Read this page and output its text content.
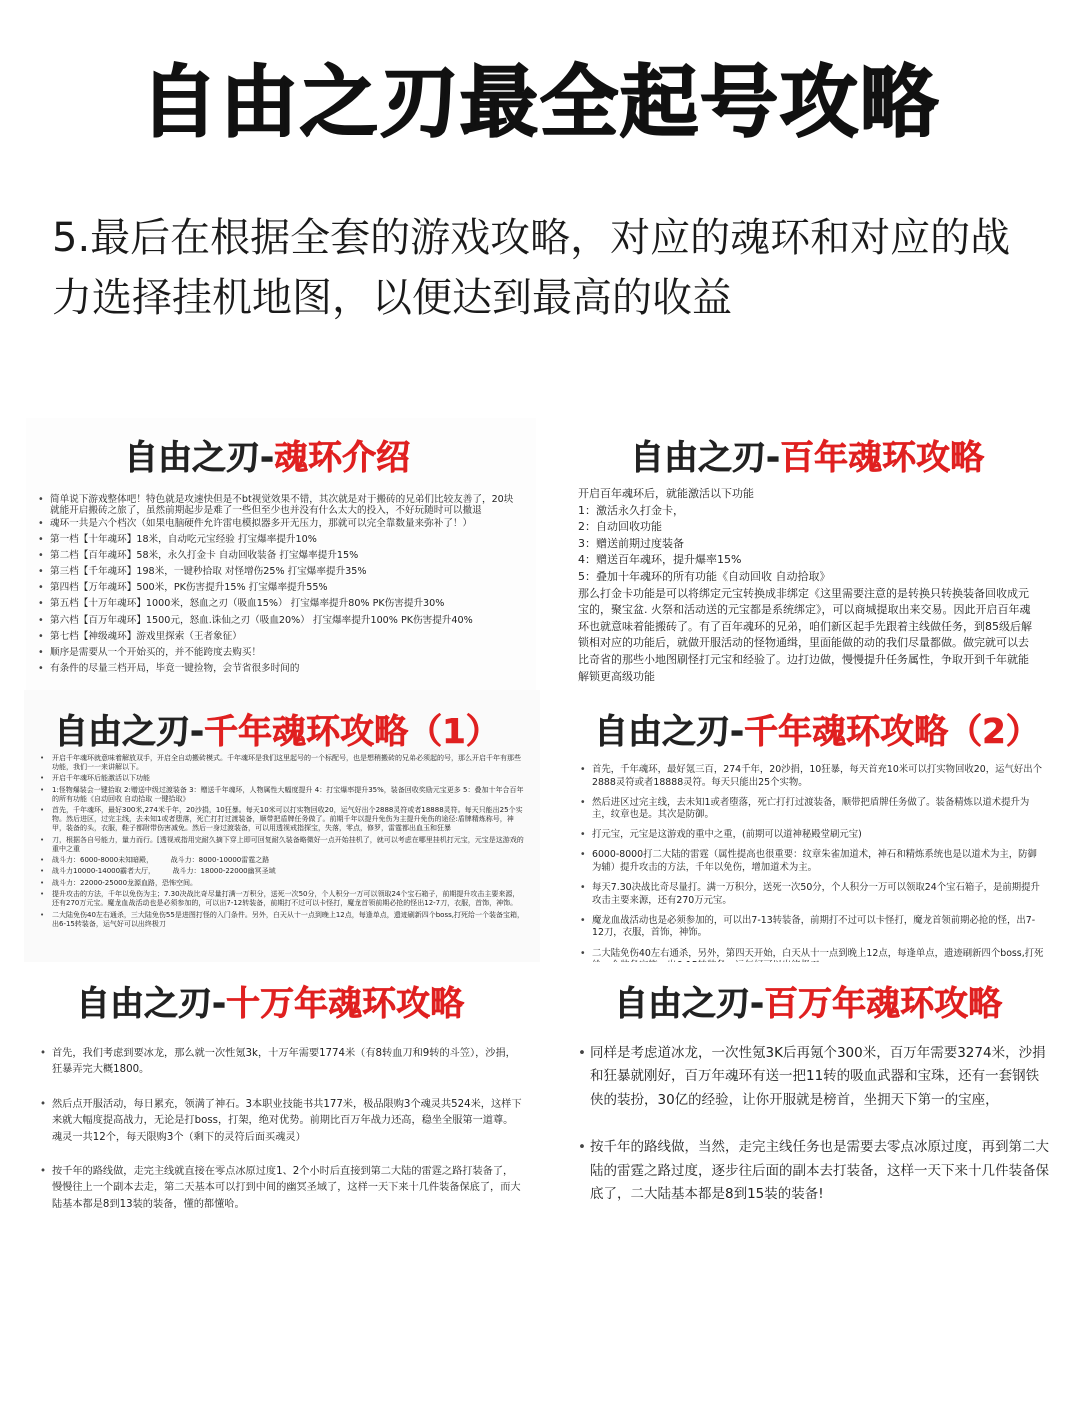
自由之刃最全起号攻略
5.最后在根据全套的游戏攻略，对应的魂环和对应的战力选择挂机地图，以便达到最高的收益
自由之刃-魂环介绍
• 简单说下游戏整体吧！特色就是攻速快但是不bt视觉效果不错，其次就是对于搬砖的兄弟们比较友善了，20块就能开启搬砖之旅了，虽然前期起步是难了一些但至少也并没有什么太大的投入，不好玩随时可以撤退
• 魂环一共是六个档次（如果电脑硬件允许雷电模拟器多开无压力，那就可以完全靠数量来弥补了！）
• 第一档【十年魂环】18米，自动吃元宝经验 打宝爆率提升10%
• 第二档【百年魂环】58米，永久打金卡 自动回收装备 打宝爆率提升15%
• 第三档【千年魂环】198米，一键秒拾取 对怪增伤25% 打宝爆率提升35%
• 第四档【万年魂环】500米，PK伤害提升15% 打宝爆率提升55%
• 第五档【十万年魂环】1000米，怒血之刃（吸血15%） 打宝爆率提升80% PK伤害提升30%
• 第六档【百万年魂环】1500元，怒血.诛仙之刃（吸血20%） 打宝爆率提升100% PK伤害提升40%
• 第七档【神级魂环】游戏里探索（王者象征）
• 顺序是需要从一个开始买的，并不能跨度去购买！
• 有条件的尽量三档开局，毕竟一键捡物，会节省很多时间的
自由之刃-百年魂环攻略
开启百年魂环后，就能激活以下功能
1：激活永久打金卡，
2：自动回收功能
3：赠送前期过度装备
4：赠送百年魂环，提升爆率15%
5：叠加十年魂环的所有功能《自动回收 自动拾取》
那么打金卡功能是可以将绑定元宝转换成非绑定《这里需要注意的是转换只转换装备回收成元宝的，聚宝盆. 火祭和活动送的元宝都是系统绑定》，可以商城提取出来交易。因此开启百年魂环也就意味着能搬砖了。有了百年魂环的兄弟，咱们新区起手先跟着主线做任务，到85级后解锁相对应的功能后，就做开服活动的怪物通缉，里面能做的动的我们尽量都做。做完就可以去比奇省的那些小地图刷怪打元宝和经验了。边打边做，慢慢提升任务属性，争取开到千年就能解锁更高级功能
自由之刃-千年魂环攻略（1）
• 开启千年魂环就意味着解放双手，开启全自动搬砖模式。千年魂环是我们这里起号的一个标配号，也是想稍搬砖的兄弟必须起的号，那么开启千年有那些功能，我们一一来讲解以下。
• 开启千年魂环后能激活以下功能
• 1:怪物爆装会一键拾取 2:赠送中级过渡装备 3：赠送千年魂环，人物属性大幅度提升 4：打宝爆率提升35%，装备回收奖励元宝更多 5：叠加十年合百年的所有功能《自动回收 自动拾取 一键拾取》
• 首先，千年魂环，最好300米,274米千年，20沙捐，10狂暴。每天10米可以打实物回收20，运气好出个2888灵符或者18888灵符。每天只能出25个实物。然后进区，过完主线，去未知1或者堕落，死亡打打过渡装备，顺带把盾牌任务做了。前期千年以提升免伤为主提升免伤的途径:盾牌精炼称号，神甲，装备的头，衣服，鞋子都附带伤害减免。然后一身过渡装备，可以用透视戒指探宝，失落，零点，修罗，雷霆都出血玉和狂暴
• 刀，根据各自号能力，量力而行。[透视戒指用完耐久摘下穿上即可回复耐久装备略微好一点开始挂机了，就可以考虑在哪里挂机打元宝，元宝是这游戏的重中之重
• 战斗力：6000-8000未知暗殿，　　　战斗力：8000-10000雷霆之路
• 战斗力10000-14000霸者大厅，　　　战斗力：18000-22000幽冥圣域
• 战斗力：22000-25000龙源血路，恐怖空间。
• 提升攻击的方法，千年以免伤为主；7.30决战比奇尽量打满一万积分，送死一次50分，个人积分一万可以领取24个宝石箱子，前期提升攻击主要来源，还有270万元宝。魔龙血战活动也是必须参加的，可以出7-12转装备，前期打不过可以卡怪打，魔龙首领前期必抢的怪出12-7刀，衣服，首饰，神饰。
• 二大陆免伤40左右通杀，三大陆免伤55是进图打怪的入门条件。另外，白天从十一点到晚上12点，每逢单点，遗迹刷新四个boss,打死给一个装备宝箱，出6-15转装备，运气好可以出终极刀
自由之刃-千年魂环攻略（2）
• 首先，千年魂环，最好氪三百，274千年，20沙捐，10狂暴，每天首充10米可以打实物回收20，运气好出个2888灵符或者18888灵符。每天只能出25个实物。
• 然后进区过完主线，去未知1或者堕落，死亡打打过渡装备，顺带把盾牌任务做了。装备精炼以道术提升为主，纹章也是。其次是防御。
• 打元宝，元宝是这游戏的重中之重，(前期可以道神秘殿堂刷元宝)
• 6000-8000打二大陆的雷霆（属性提高也很重要：纹章朱雀加道术，神石和精炼系统也是以道术为主，防御为辅）提升攻击的方法，千年以免伤，增加道术为主。
• 每天7.30决战比奇尽量打。满一万积分，送死一次50分，个人积分一万可以领取24个宝石箱子，是前期提升攻击主要来源，还有270万元宝。
• 魔龙血战活动也是必须参加的，可以出7-13转装备，前期打不过可以卡怪打，魔龙首领前期必抢的怪，出7-12刀，衣服，首饰，神饰。
• 二大陆免伤40左右通杀，另外，第四天开始，白天从十一点到晚上12点，每逢单点，遗迹刷新四个boss,打死
自由之刃-十万年魂环攻略
• 首先，我们考虑到要冰龙，那么就一次性氪3k，十万年需要1774米（有8转血刀和9转的斗笠），沙捐，狂暴弄完大概1800。
• 然后点开服活动，每日累充，领满了神石。3本职业技能书共177米，极品限购3个魂灵共524米，这样下来就大幅度提高战力，无论是打boss，打架，绝对优势。前期比百万年战力还高，稳坐全服第一道尊。魂灵一共12个，每天限购3个（剩下的灵符后面买魂灵）
• 按千年的路线做，走完主线就直接在零点冰原过度1、2个小时后直接到第二大陆的雷霆之路打装备了，慢慢往上一个副本去走，第二天基本可以打到中间的幽冥圣域了，这样一天下来十几件装备保底了，而大陆基本都是8到13装的装备，懂的都懂哈。
自由之刃-百万年魂环攻略
• 同样是考虑道冰龙，一次性氪3K后再氪个300米，百万年需要3274米，沙捐和狂暴就刚好，百万年魂环有送一把11转的吸血武器和宝珠，还有一套钢铁侠的装扮，30亿的经验，让你开服就是榜首，坐拥天下第一的宝座，
• 按千年的路线做，当然，走完主线任务也是需要去零点冰原过度，再到第二大陆的雷霆之路过度，逐步往后面的副本去打装备，这样一天下来十几件装备保底了，二大陆基本都是8到15装的装备!
